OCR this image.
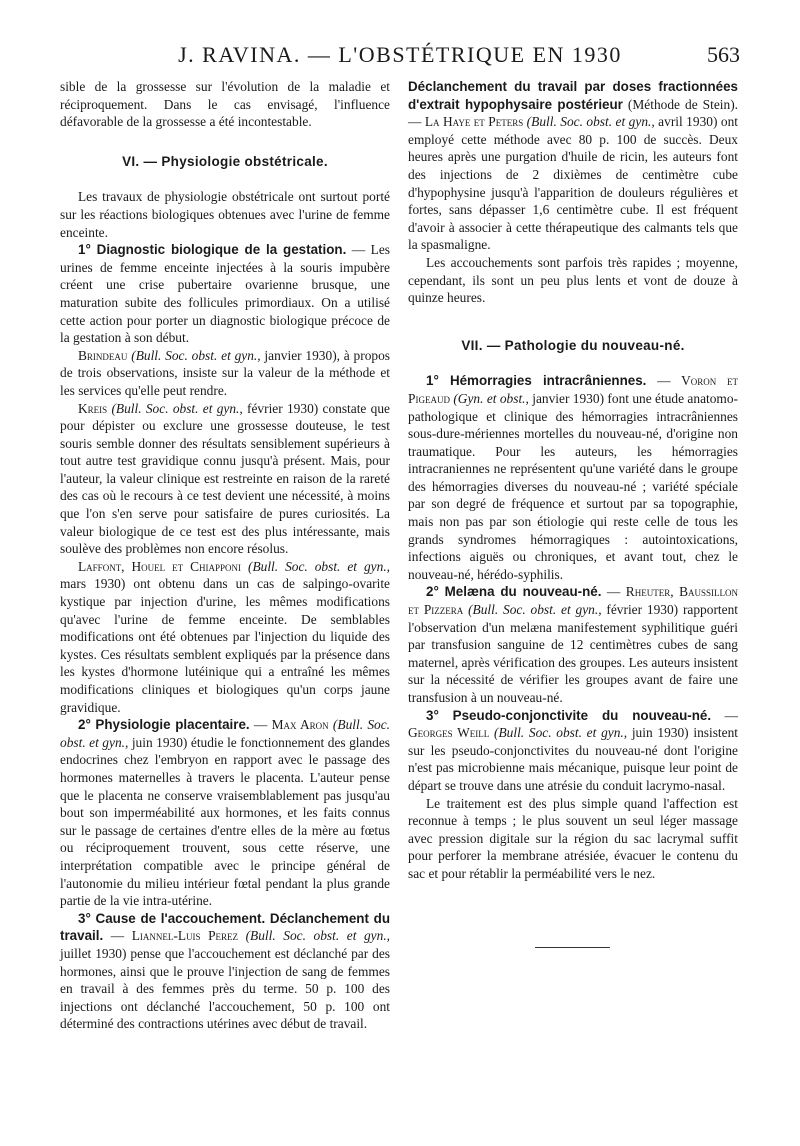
J. RAVINA. — L'OBSTÉTRIQUE EN 1930	563

sible de la grossesse sur l'évolution de la maladie et réciproquement. Dans le cas envisagé, l'influence défavorable de la grossesse a été incontestable.

VI. — Physiologie obstétricale.

Les travaux de physiologie obstétricale ont surtout porté sur les réactions biologiques obtenues avec l'urine de femme enceinte.

1° Diagnostic biologique de la gestation. — Les urines de femme enceinte injectées à la souris impubère créent une crise pubertaire ovarienne brusque, une maturation subite des follicules primordiaux. On a utilisé cette action pour porter un diagnostic biologique précoce de la gestation à son début.

Brindeau (Bull. Soc. obst. et gyn., janvier 1930), à propos de trois observations, insiste sur la valeur de la méthode et les services qu'elle peut rendre.

Kreis (Bull. Soc. obst. et gyn., février 1930) constate que pour dépister ou exclure une grossesse douteuse, le test souris semble donner des résultats sensiblement supérieurs à tout autre test gravidique connu jusqu'à présent. Mais, pour l'auteur, la valeur clinique est restreinte en raison de la rareté des cas où le recours à ce test devient une nécessité, à moins que l'on s'en serve pour satisfaire de pures curiosités. La valeur biologique de ce test est des plus intéressante, mais soulève des problèmes non encore résolus.

Laffont, Houel et Chiapponi (Bull. Soc. obst. et gyn., mars 1930) ont obtenu dans un cas de salpingo-ovarite kystique par injection d'urine, les mêmes modifications qu'avec l'urine de femme enceinte. De semblables modifications ont été obtenues par l'injection du liquide des kystes. Ces résultats semblent expliqués par la présence dans les kystes d'hormone lutéinique qui a entraîné les mêmes modifications cliniques et biologiques qu'un corps jaune gravidique.

2° Physiologie placentaire. — Max Aron (Bull. Soc. obst. et gyn., juin 1930) étudie le fonctionnement des glandes endocrines chez l'embryon en rapport avec le passage des hormones maternelles à travers le placenta. L'auteur pense que le placenta ne conserve vraisemblablement pas jusqu'au bout son imperméabilité aux hormones, et les faits connus sur le passage de certaines d'entre elles de la mère au fœtus ou réciproquement trouvent, sous cette réserve, une interprétation compatible avec le principe général de l'autonomie du milieu intérieur fœtal pendant la plus grande partie de la vie intra-utérine.

3° Cause de l'accouchement. Déclanchement du travail. — Liannel-Luis Perez (Bull. Soc. obst. et gyn., juillet 1930) pense que l'accouchement est déclanché par des hormones, ainsi que le prouve l'injection de sang de femmes en travail à des femmes près du terme. 50 p. 100 des injections ont déclanché l'accouchement, 50 p. 100 ont déterminé des contractions utérines avec début de travail.

Déclanchement du travail par doses fractionnées d'extrait hypophysaire postérieur (Méthode de Stein). — La Haye et Peters (Bull. Soc. obst. et gyn., avril 1930) ont employé cette méthode avec 80 p. 100 de succès. Deux heures après une purgation d'huile de ricin, les auteurs font des injections de 2 dixièmes de centimètre cube d'hypophysine jusqu'à l'apparition de douleurs régulières et fortes, sans dépasser 1,6 centimètre cube. Il est fréquent d'avoir à associer à cette thérapeutique des calmants tels que la spasmaligne.

Les accouchements sont parfois très rapides ; moyenne, cependant, ils sont un peu plus lents et vont de douze à quinze heures.

VII. — Pathologie du nouveau-né.

1° Hémorragies intracrâniennes. — Voron et Pigeaud (Gyn. et obst., janvier 1930) font une étude anatomo-pathologique et clinique des hémorragies intracrâniennes sous-dure-mériennes mortelles du nouveau-né, d'origine non traumatique. Pour les auteurs, les hémorragies intracraniennes ne représentent qu'une variété dans le groupe des hémorragies diverses du nouveau-né ; variété spéciale par son degré de fréquence et surtout par sa topographie, mais non pas par son étiologie qui reste celle de tous les grands syndromes hémorragiques : autointoxications, infections aiguës ou chroniques, et avant tout, chez le nouveau-né, hérédo-syphilis.

2° Melæna du nouveau-né. — Rheuter, Baussillon et Pizzera (Bull. Soc. obst. et gyn., février 1930) rapportent l'observation d'un melæna manifestement syphilitique guéri par transfusion sanguine de 12 centimètres cubes de sang maternel, après vérification des groupes. Les auteurs insistent sur la nécessité de vérifier les groupes avant de faire une transfusion à un nouveau-né.

3° Pseudo-conjonctivite du nouveau-né. — Georges Weill (Bull. Soc. obst. et gyn., juin 1930) insistent sur les pseudo-conjonctivites du nouveau-né dont l'origine n'est pas microbienne mais mécanique, puisque leur point de départ se trouve dans une atrésie du conduit lacrymo-nasal.

Le traitement est des plus simple quand l'affection est reconnue à temps ; le plus souvent un seul léger massage avec pression digitale sur la région du sac lacrymal suffit pour perforer la membrane atrésiée, évacuer le contenu du sac et pour rétablir la perméabilité vers le nez.
